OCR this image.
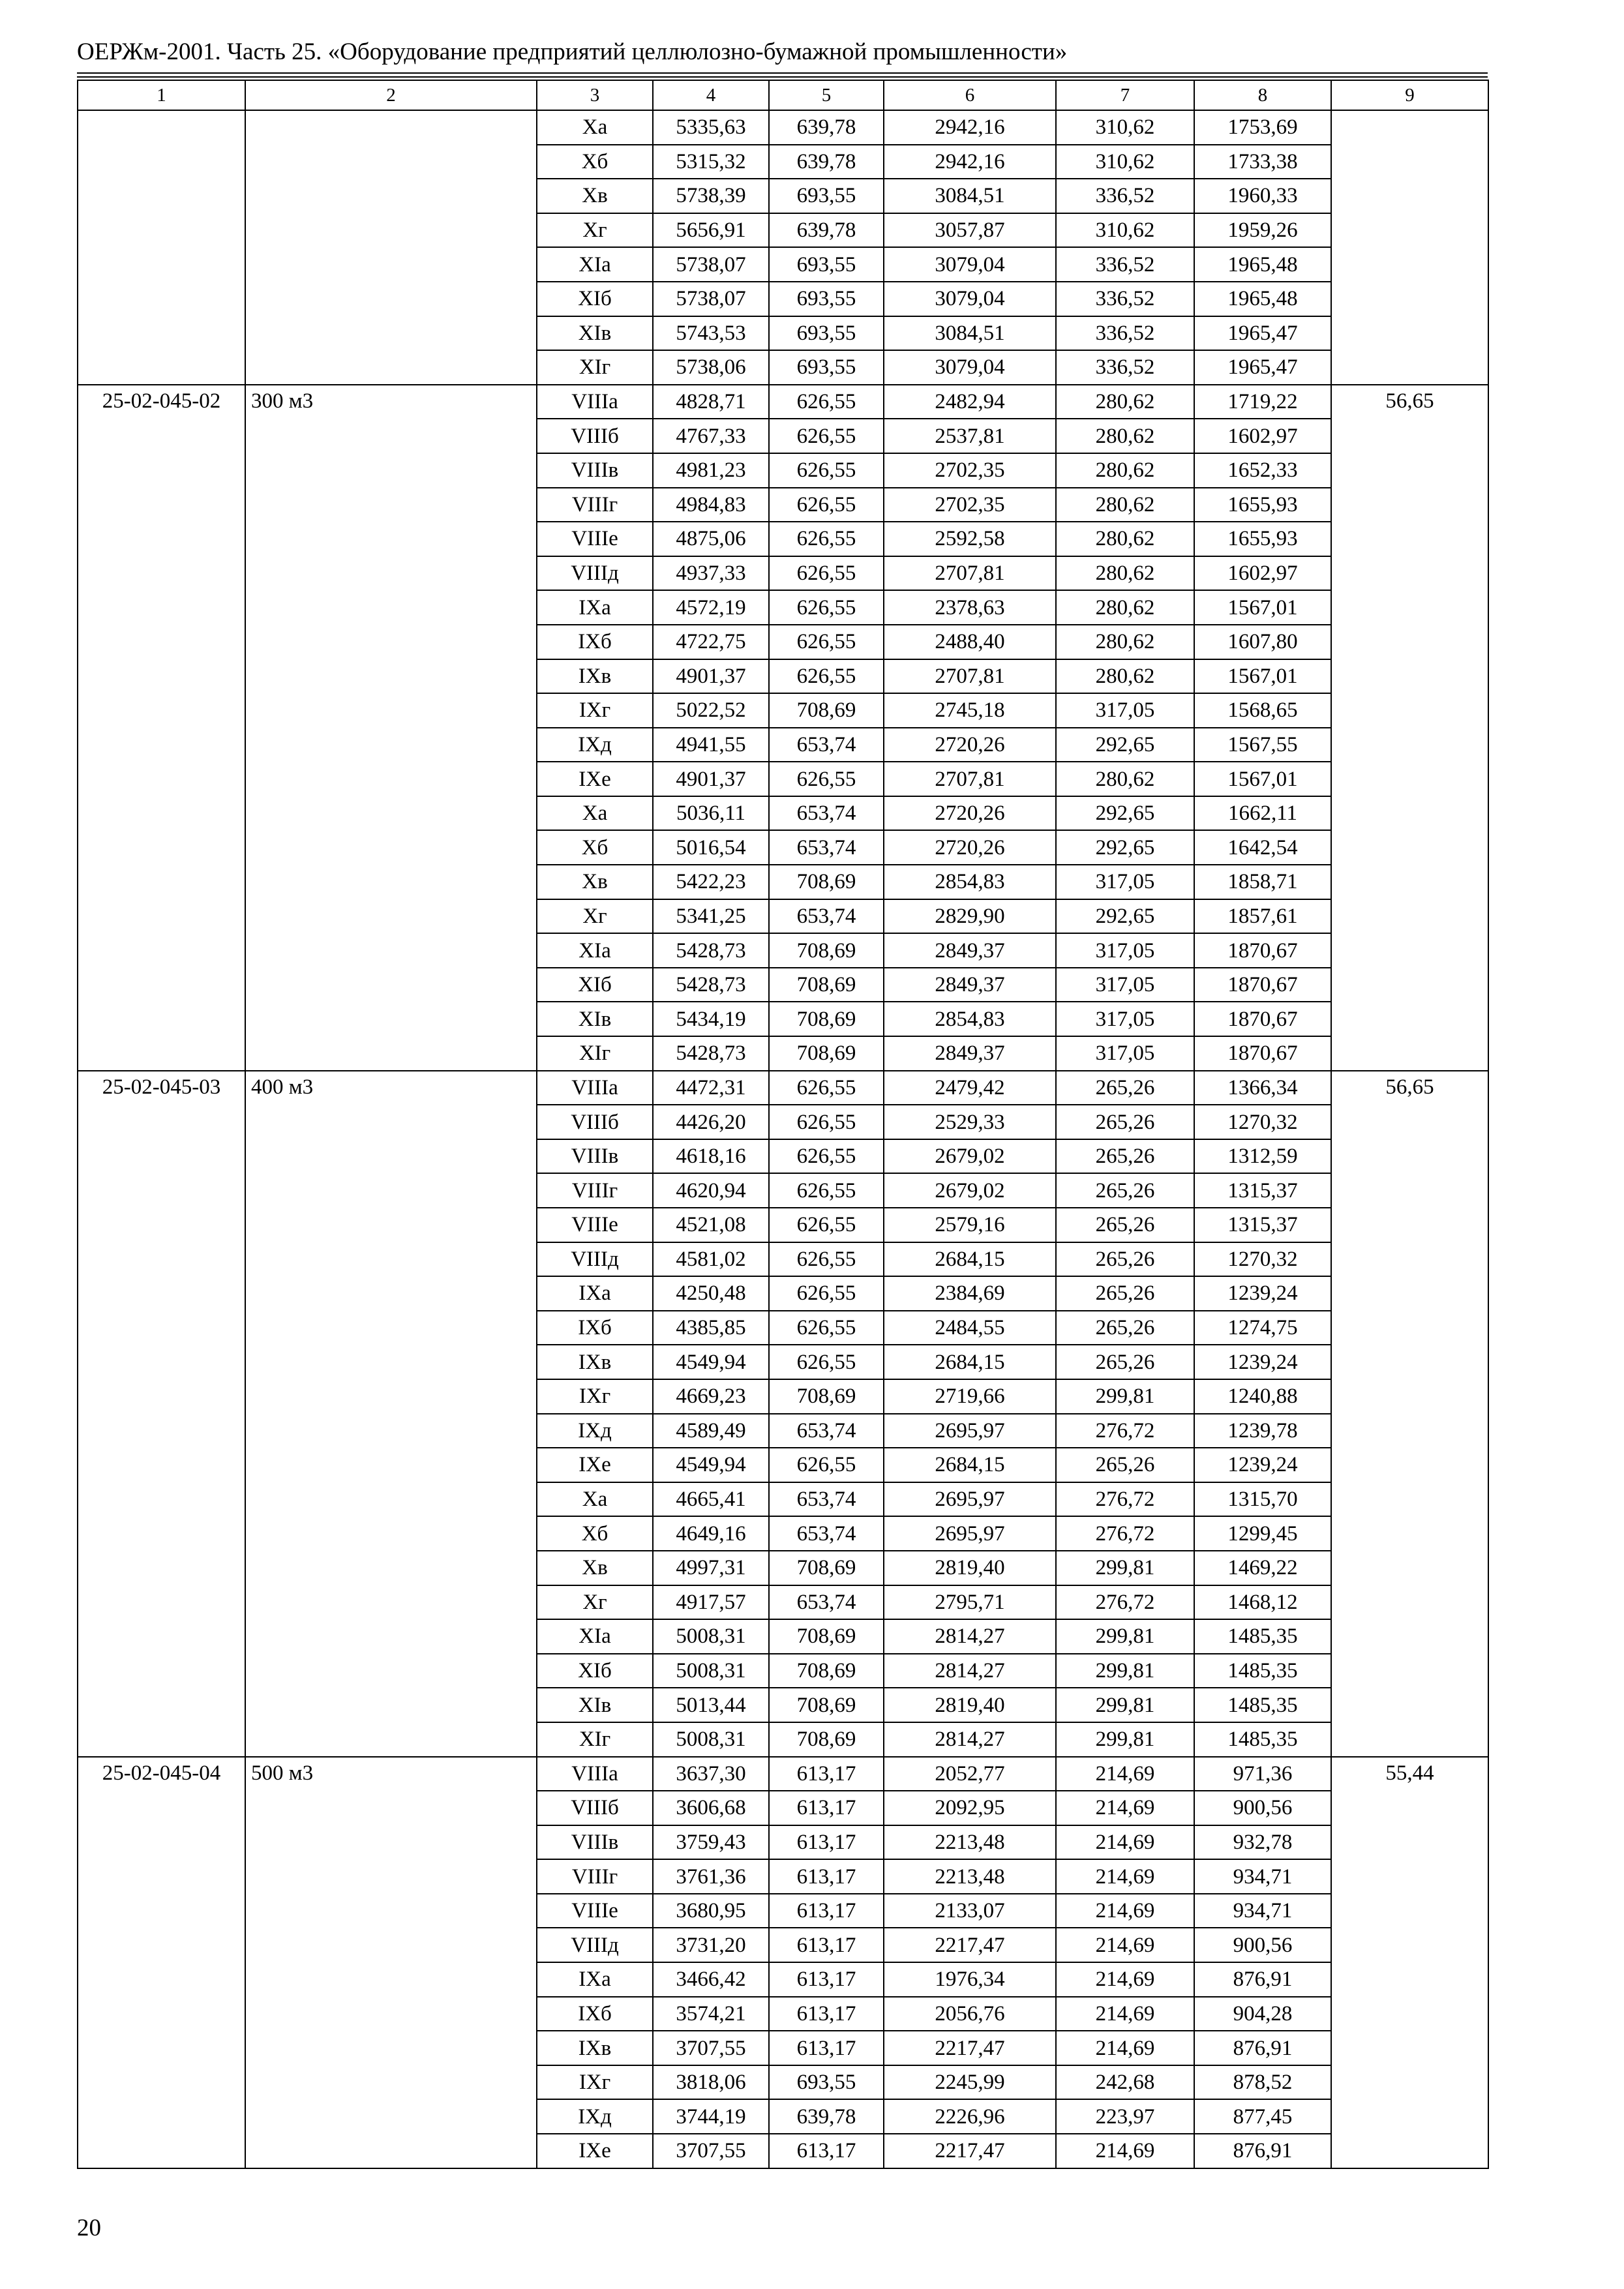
ОЕРЖм-2001. Часть 25. «Оборудование предприятий целлюлозно-бумажной промышленности»
1	2	3	4	5	6	7	8	9
		Xa	5335,63	639,78	2942,16	310,62	1753,69	
		Xб	5315,32	639,78	2942,16	310,62	1733,38	
		Xв	5738,39	693,55	3084,51	336,52	1960,33	
		Xг	5656,91	639,78	3057,87	310,62	1959,26	
		XIa	5738,07	693,55	3079,04	336,52	1965,48	
		XIб	5738,07	693,55	3079,04	336,52	1965,48	
		XIв	5743,53	693,55	3084,51	336,52	1965,47	
		XIг	5738,06	693,55	3079,04	336,52	1965,47	
25-02-045-02	300 м3	VIIIa	4828,71	626,55	2482,94	280,62	1719,22	56,65
		VIIIб	4767,33	626,55	2537,81	280,62	1602,97	
		VIIIв	4981,23	626,55	2702,35	280,62	1652,33	
		VIIIг	4984,83	626,55	2702,35	280,62	1655,93	
		VIIIe	4875,06	626,55	2592,58	280,62	1655,93	
		VIIIд	4937,33	626,55	2707,81	280,62	1602,97	
		IXa	4572,19	626,55	2378,63	280,62	1567,01	
		IXб	4722,75	626,55	2488,40	280,62	1607,80	
		IXв	4901,37	626,55	2707,81	280,62	1567,01	
		IXг	5022,52	708,69	2745,18	317,05	1568,65	
		IXд	4941,55	653,74	2720,26	292,65	1567,55	
		IXe	4901,37	626,55	2707,81	280,62	1567,01	
		Xa	5036,11	653,74	2720,26	292,65	1662,11	
		Xб	5016,54	653,74	2720,26	292,65	1642,54	
		Xв	5422,23	708,69	2854,83	317,05	1858,71	
		Xг	5341,25	653,74	2829,90	292,65	1857,61	
		XIa	5428,73	708,69	2849,37	317,05	1870,67	
		XIб	5428,73	708,69	2849,37	317,05	1870,67	
		XIв	5434,19	708,69	2854,83	317,05	1870,67	
		XIг	5428,73	708,69	2849,37	317,05	1870,67	
25-02-045-03	400 м3	VIIIa	4472,31	626,55	2479,42	265,26	1366,34	56,65
		VIIIб	4426,20	626,55	2529,33	265,26	1270,32	
		VIIIв	4618,16	626,55	2679,02	265,26	1312,59	
		VIIIг	4620,94	626,55	2679,02	265,26	1315,37	
		VIIIe	4521,08	626,55	2579,16	265,26	1315,37	
		VIIIд	4581,02	626,55	2684,15	265,26	1270,32	
		IXa	4250,48	626,55	2384,69	265,26	1239,24	
		IXб	4385,85	626,55	2484,55	265,26	1274,75	
		IXв	4549,94	626,55	2684,15	265,26	1239,24	
		IXг	4669,23	708,69	2719,66	299,81	1240,88	
		IXд	4589,49	653,74	2695,97	276,72	1239,78	
		IXe	4549,94	626,55	2684,15	265,26	1239,24	
		Xa	4665,41	653,74	2695,97	276,72	1315,70	
		Xб	4649,16	653,74	2695,97	276,72	1299,45	
		Xв	4997,31	708,69	2819,40	299,81	1469,22	
		Xг	4917,57	653,74	2795,71	276,72	1468,12	
		XIa	5008,31	708,69	2814,27	299,81	1485,35	
		XIб	5008,31	708,69	2814,27	299,81	1485,35	
		XIв	5013,44	708,69	2819,40	299,81	1485,35	
		XIг	5008,31	708,69	2814,27	299,81	1485,35	
25-02-045-04	500 м3	VIIIa	3637,30	613,17	2052,77	214,69	971,36	55,44
		VIIIб	3606,68	613,17	2092,95	214,69	900,56	
		VIIIв	3759,43	613,17	2213,48	214,69	932,78	
		VIIIг	3761,36	613,17	2213,48	214,69	934,71	
		VIIIe	3680,95	613,17	2133,07	214,69	934,71	
		VIIIд	3731,20	613,17	2217,47	214,69	900,56	
		IXa	3466,42	613,17	1976,34	214,69	876,91	
		IXб	3574,21	613,17	2056,76	214,69	904,28	
		IXв	3707,55	613,17	2217,47	214,69	876,91	
		IXг	3818,06	693,55	2245,99	242,68	878,52	
		IXд	3744,19	639,78	2226,96	223,97	877,45	
		IXe	3707,55	613,17	2217,47	214,69	876,91	
20
